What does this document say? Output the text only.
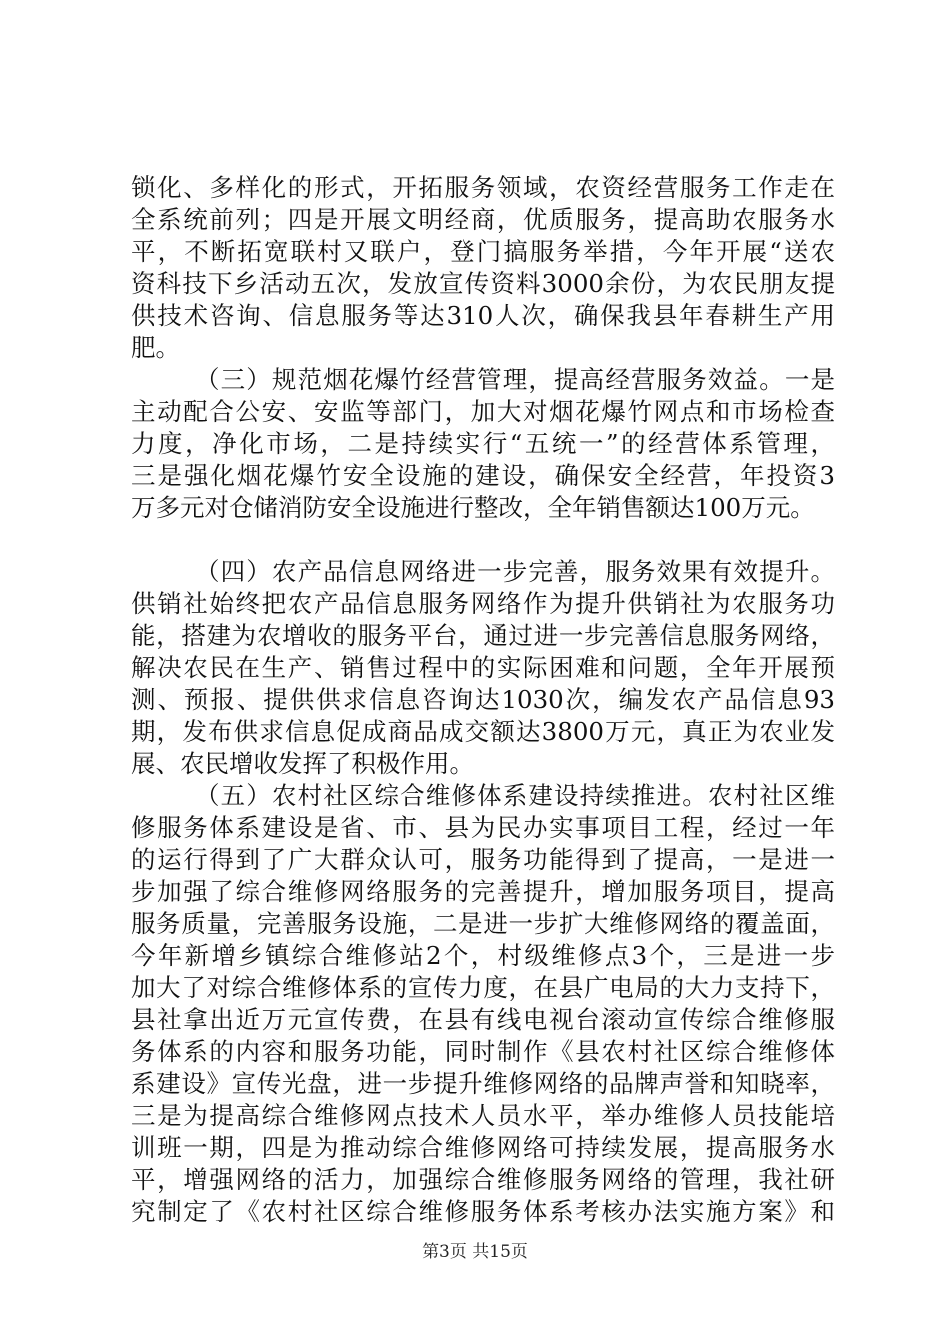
锁化、多样化的形式，开拓服务领域，农资经营服务工作走在
全系统前列；四是开展文明经商，优质服务，提高助农服务水
平，不断拓宽联村又联户，登门搞服务举措，今年开展“送农
资科技下乡活动五次，发放宣传资料3000余份，为农民朋友提
供技术咨询、信息服务等达310人次，确保我县年春耕生产用
肥。
（三）规范烟花爆竹经营管理，提高经营服务效益。一是
主动配合公安、安监等部门，加大对烟花爆竹网点和市场检查
力度，净化市场，二是持续实行“五统一”的经营体系管理，
三是强化烟花爆竹安全设施的建设，确保安全经营，年投资3
万多元对仓储消防安全设施进行整改，全年销售额达100万元。
（四）农产品信息网络进一步完善，服务效果有效提升。
供销社始终把农产品信息服务网络作为提升供销社为农服务功
能，搭建为农增收的服务平台，通过进一步完善信息服务网络，
解决农民在生产、销售过程中的实际困难和问题，全年开展预
测、预报、提供供求信息咨询达1030次，编发农产品信息93
期，发布供求信息促成商品成交额达3800万元，真正为农业发
展、农民增收发挥了积极作用。
（五）农村社区综合维修体系建设持续推进。农村社区维
修服务体系建设是省、市、县为民办实事项目工程，经过一年
的运行得到了广大群众认可，服务功能得到了提高，一是进一
步加强了综合维修网络服务的完善提升，增加服务项目，提高
服务质量，完善服务设施，二是进一步扩大维修网络的覆盖面，
今年新增乡镇综合维修站2个，村级维修点3个，三是进一步
加大了对综合维修体系的宣传力度，在县广电局的大力支持下，
县社拿出近万元宣传费，在县有线电视台滚动宣传综合维修服
务体系的内容和服务功能，同时制作《县农村社区综合维修体
系建设》宣传光盘，进一步提升维修网络的品牌声誉和知晓率，
三是为提高综合维修网点技术人员水平，举办维修人员技能培
训班一期，四是为推动综合维修网络可持续发展，提高服务水
平，增强网络的活力，加强综合维修服务网络的管理，我社研
究制定了《农村社区综合维修服务体系考核办法实施方案》和
第3页 共15页
